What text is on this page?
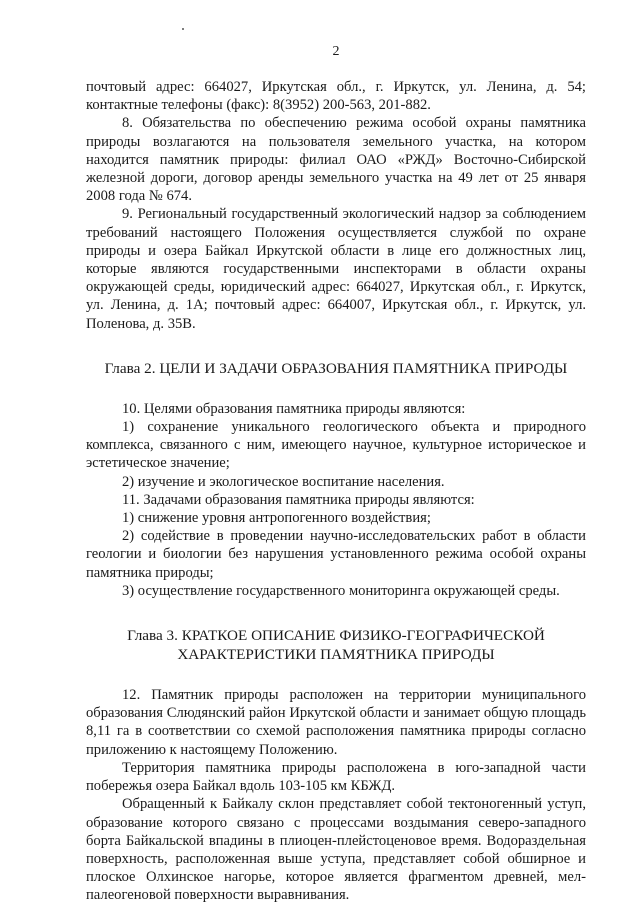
2

почтовый адрес: 664027, Иркутская обл., г. Иркутск, ул. Ленина, д. 54; контактные телефоны (факс): 8(3952) 200-563, 201-882.

8. Обязательства по обеспечению режима особой охраны памятника природы возлагаются на пользователя земельного участка, на котором находится памятник природы: филиал ОАО «РЖД» Восточно-Сибирской железной дороги, договор аренды земельного участка на 49 лет от 25 января 2008 года № 674.

9. Региональный государственный экологический надзор за соблюдением требований настоящего Положения осуществляется службой по охране природы и озера Байкал Иркутской области в лице его должностных лиц, которые являются государственными инспекторами в области охраны окружающей среды, юридический адрес: 664027, Иркутская обл., г. Иркутск, ул. Ленина, д. 1А; почтовый адрес: 664007, Иркутская обл., г. Иркутск, ул. Поленова, д. 35В.

Глава 2. ЦЕЛИ И ЗАДАЧИ ОБРАЗОВАНИЯ ПАМЯТНИКА ПРИРОДЫ

10. Целями образования памятника природы являются:

1) сохранение уникального геологического объекта и природного комплекса, связанного с ним, имеющего научное, культурное историческое и эстетическое значение;

2) изучение и экологическое воспитание населения.

11. Задачами образования памятника природы являются:

1) снижение уровня антропогенного воздействия;

2) содействие в проведении научно-исследовательских работ в области геологии и биологии без нарушения установленного режима особой охраны памятника природы;

3) осуществление государственного мониторинга окружающей среды.

Глава 3. КРАТКОЕ ОПИСАНИЕ ФИЗИКО-ГЕОГРАФИЧЕСКОЙ
ХАРАКТЕРИСТИКИ ПАМЯТНИКА ПРИРОДЫ

12. Памятник природы расположен на территории муниципального образования Слюдянский район Иркутской области и занимает общую площадь 8,11 га в соответствии со схемой расположения памятника природы согласно приложению к настоящему Положению.

Территория памятника природы расположена в юго-западной части побережья озера Байкал вдоль 103-105 км КБЖД.

Обращенный к Байкалу склон представляет собой тектоногенный уступ, образование которого связано с процессами воздымания северо-западного борта Байкальской впадины в плиоцен-плейстоценовое время. Водораздельная поверхность, расположенная выше уступа, представляет собой обширное и плоское Олхинское нагорье, которое является фрагментом древней, мел-палеогеновой поверхности выравнивания.
